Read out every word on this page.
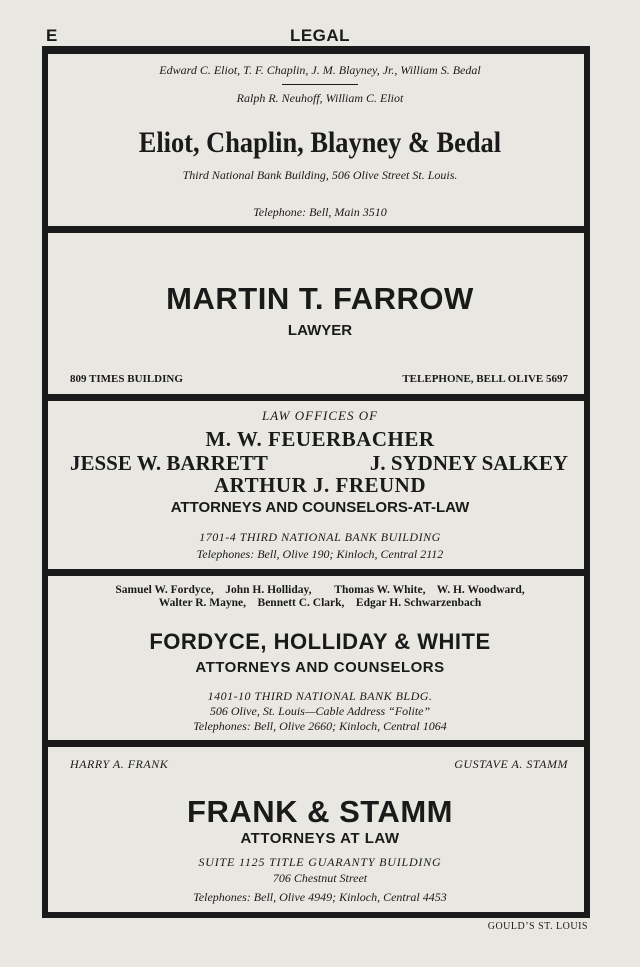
LEGAL
E
Edward C. Eliot, T. F. Chaplin, J. M. Blayney, Jr., William S. Bedal
Ralph R. Neuhoff, William C. Eliot
Eliot, Chaplin, Blayney & Bedal
Third National Bank Building, 506 Olive Street St. Louis.
Telephone: Bell, Main 3510
MARTIN T. FARROW
LAWYER
809 TIMES BUILDING	TELEPHONE, BELL OLIVE 5697
LAW OFFICES OF
M. W. FEUERBACHER
JESSE W. BARRETT	J. SYDNEY SALKEY
ARTHUR J. FREUND
ATTORNEYS AND COUNSELORS-AT-LAW
1701-4 THIRD NATIONAL BANK BUILDING
Telephones: Bell, Olive 190; Kinloch, Central 2112
Samuel W. Fordyce,    John H. Holliday,        Thomas W. White,    W. H. Woodward,
Walter R. Mayne,    Bennett C. Clark,    Edgar H. Schwarzenbach
FORDYCE, HOLLIDAY & WHITE
ATTORNEYS AND COUNSELORS
1401-10 THIRD NATIONAL BANK BLDG.
506 Olive, St. Louis—Cable Address “Folite”
Telephones: Bell, Olive 2660; Kinloch, Central 1064
HARRY A. FRANK	GUSTAVE A. STAMM
FRANK & STAMM
ATTORNEYS AT LAW
SUITE 1125 TITLE GUARANTY BUILDING
706 Chestnut Street
Telephones: Bell, Olive 4949; Kinloch, Central 4453
GOULD’S ST. LOUIS
